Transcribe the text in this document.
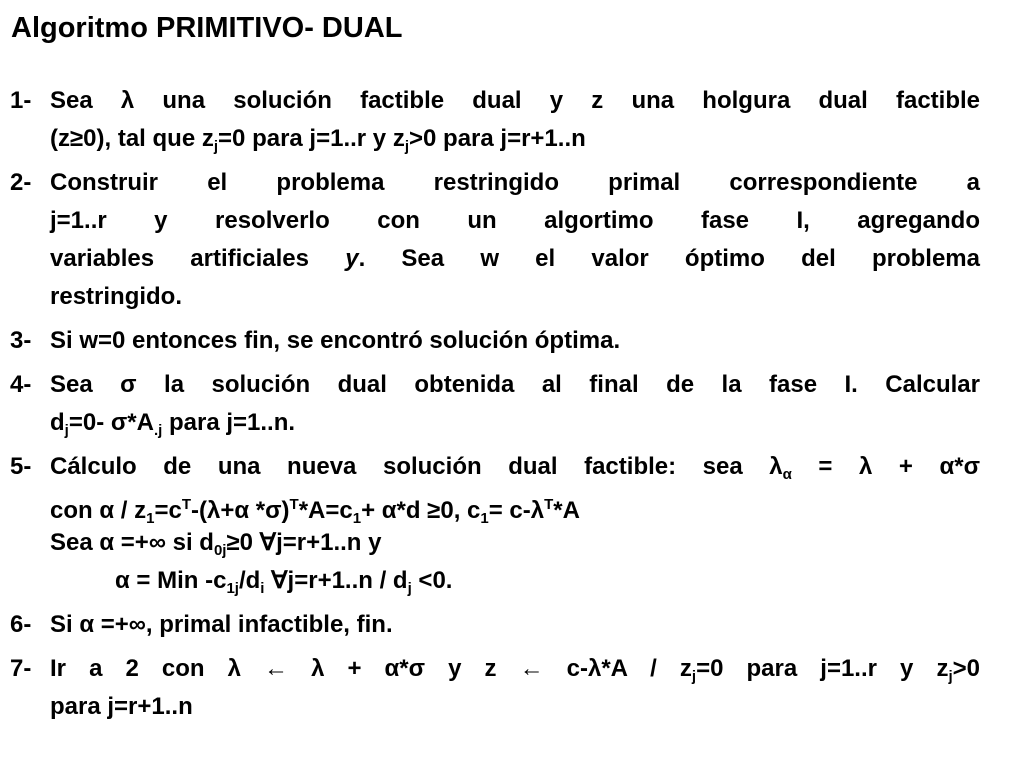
Algoritmo PRIMITIVO- DUAL
1- Sea λ una solución factible dual y z una holgura dual factible
(z≥0), tal que $z_j=0$ para j=1..r y $z_j>0$ para j=r+1..n
2- Construir el problema restringido primal correspondiente a
j=1..r y resolverlo con un algortimo fase I, agregando
variables artificiales y. Sea w el valor óptimo del problema
restringido.
3- Si w=0 entonces fin, se encontró solución óptima.
4- Sea σ la solución dual obtenida al final de la fase I. Calcular
$d_j=0-$ $\sigma*A_{.j}$ para j=1..n.
5- Cálculo de una nueva solución dual factible: sea $\lambda_\alpha = \lambda + \alpha*\sigma$
con $\alpha / z_1=c^T-(\lambda+\alpha$ $*\sigma)^T*A=c_1+ \alpha*d \ge 0$, $c_1= c-\lambda^T*A$
Sea α =+∞ si $d_{0j}\ge 0$ ∀j=r+1..n y
α = Min $-c_{1j}/d_i$ ∀j=r+1..n / $d_j <0$.
6- Si α =+∞, primal infactible, fin.
7- Ir a 2 con λ ← λ + α*σ y z ← $c-\lambda*A / z_j=0$ para j=1..r y $z_j>0$
para j=r+1..n
